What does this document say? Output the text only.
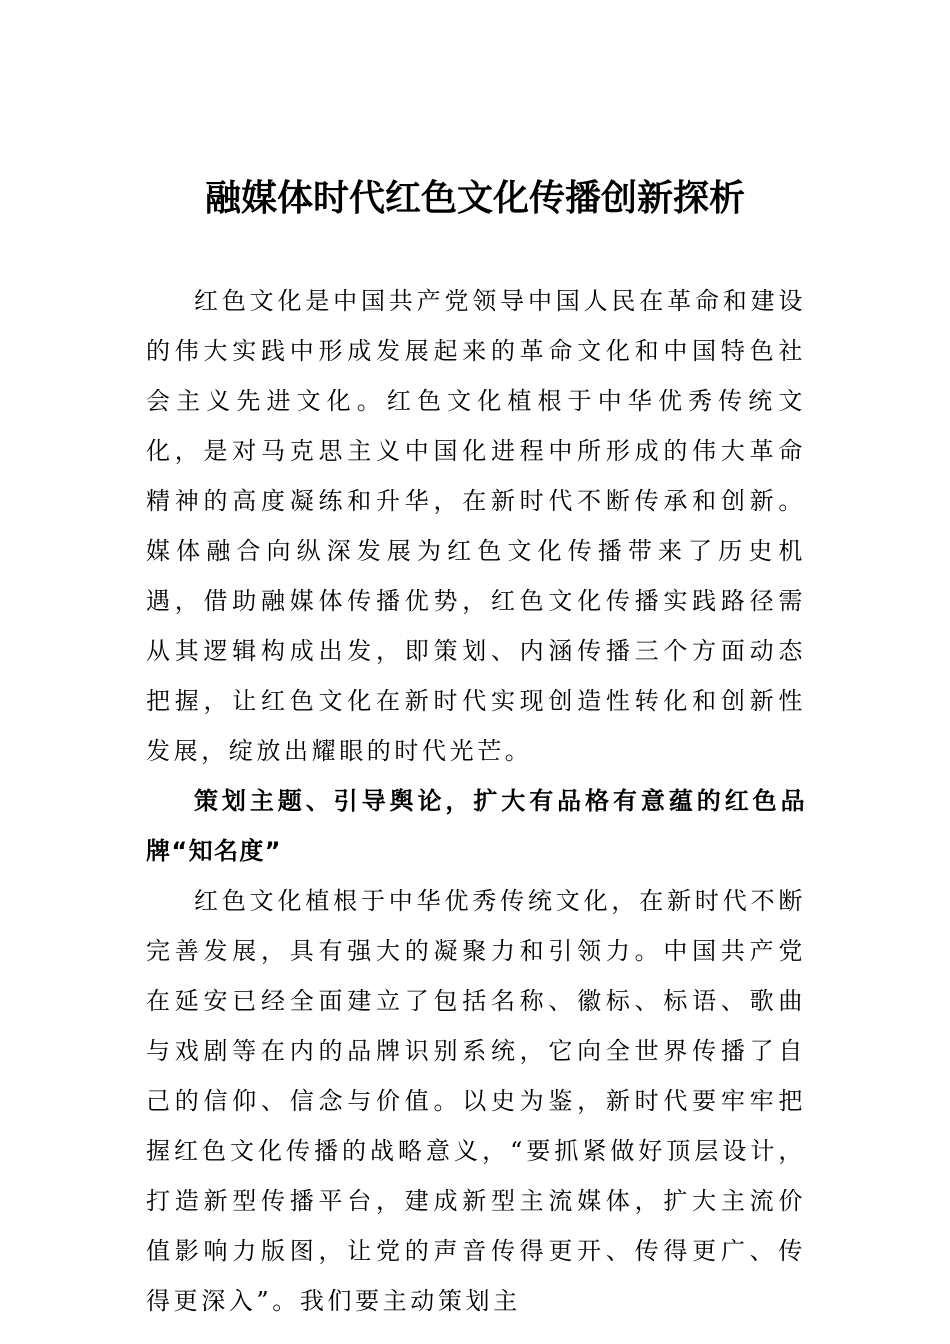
融媒体时代红色文化传播创新探析

红色文化是中国共产党领导中国人民在革命和建设的伟大实践中形成发展起来的革命文化和中国特色社会主义先进文化。红色文化植根于中华优秀传统文化，是对马克思主义中国化进程中所形成的伟大革命精神的高度凝练和升华，在新时代不断传承和创新。媒体融合向纵深发展为红色文化传播带来了历史机遇，借助融媒体传播优势，红色文化传播实践路径需从其逻辑构成出发，即策划、内涵传播三个方面动态把握，让红色文化在新时代实现创造性转化和创新性发展，绽放出耀眼的时代光芒。

策划主题、引导舆论，扩大有品格有意蕴的红色品牌“知名度”

红色文化植根于中华优秀传统文化，在新时代不断完善发展，具有强大的凝聚力和引领力。中国共产党在延安已经全面建立了包括名称、徽标、标语、歌曲与戏剧等在内的品牌识别系统，它向全世界传播了自己的信仰、信念与价值。以史为鉴，新时代要牢牢把握红色文化传播的战略意义，“要抓紧做好顶层设计，打造新型传播平台，建成新型主流媒体，扩大主流价值影响力版图，让党的声音传得更开、传得更广、传得更深入”。我们要主动策划主
